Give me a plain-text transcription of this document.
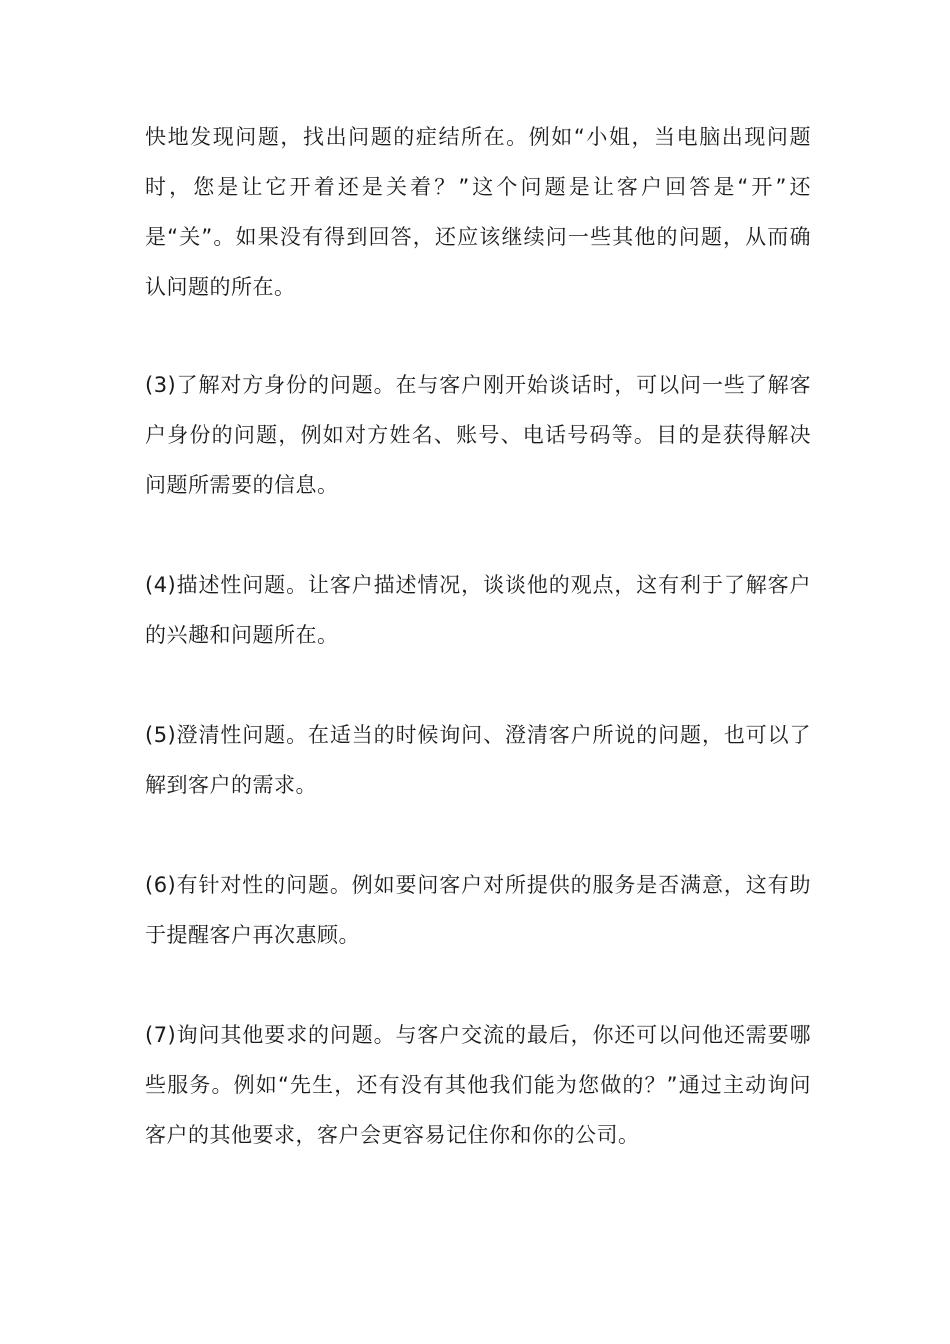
快地发现问题，找出问题的症结所在。例如“小姐，当电脑出现问题时，您是让它开着还是关着？”这个问题是让客户回答是“开”还是“关”。如果没有得到回答，还应该继续问一些其他的问题，从而确认问题的所在。

(3)了解对方身份的问题。在与客户刚开始谈话时，可以问一些了解客户身份的问题，例如对方姓名、账号、电话号码等。目的是获得解决问题所需要的信息。

(4)描述性问题。让客户描述情况，谈谈他的观点，这有利于了解客户的兴趣和问题所在。

(5)澄清性问题。在适当的时候询问、澄清客户所说的问题，也可以了解到客户的需求。

(6)有针对性的问题。例如要问客户对所提供的服务是否满意，这有助于提醒客户再次惠顾。

(7)询问其他要求的问题。与客户交流的最后，你还可以问他还需要哪些服务。例如“先生，还有没有其他我们能为您做的？”通过主动询问客户的其他要求，客户会更容易记住你和你的公司。
